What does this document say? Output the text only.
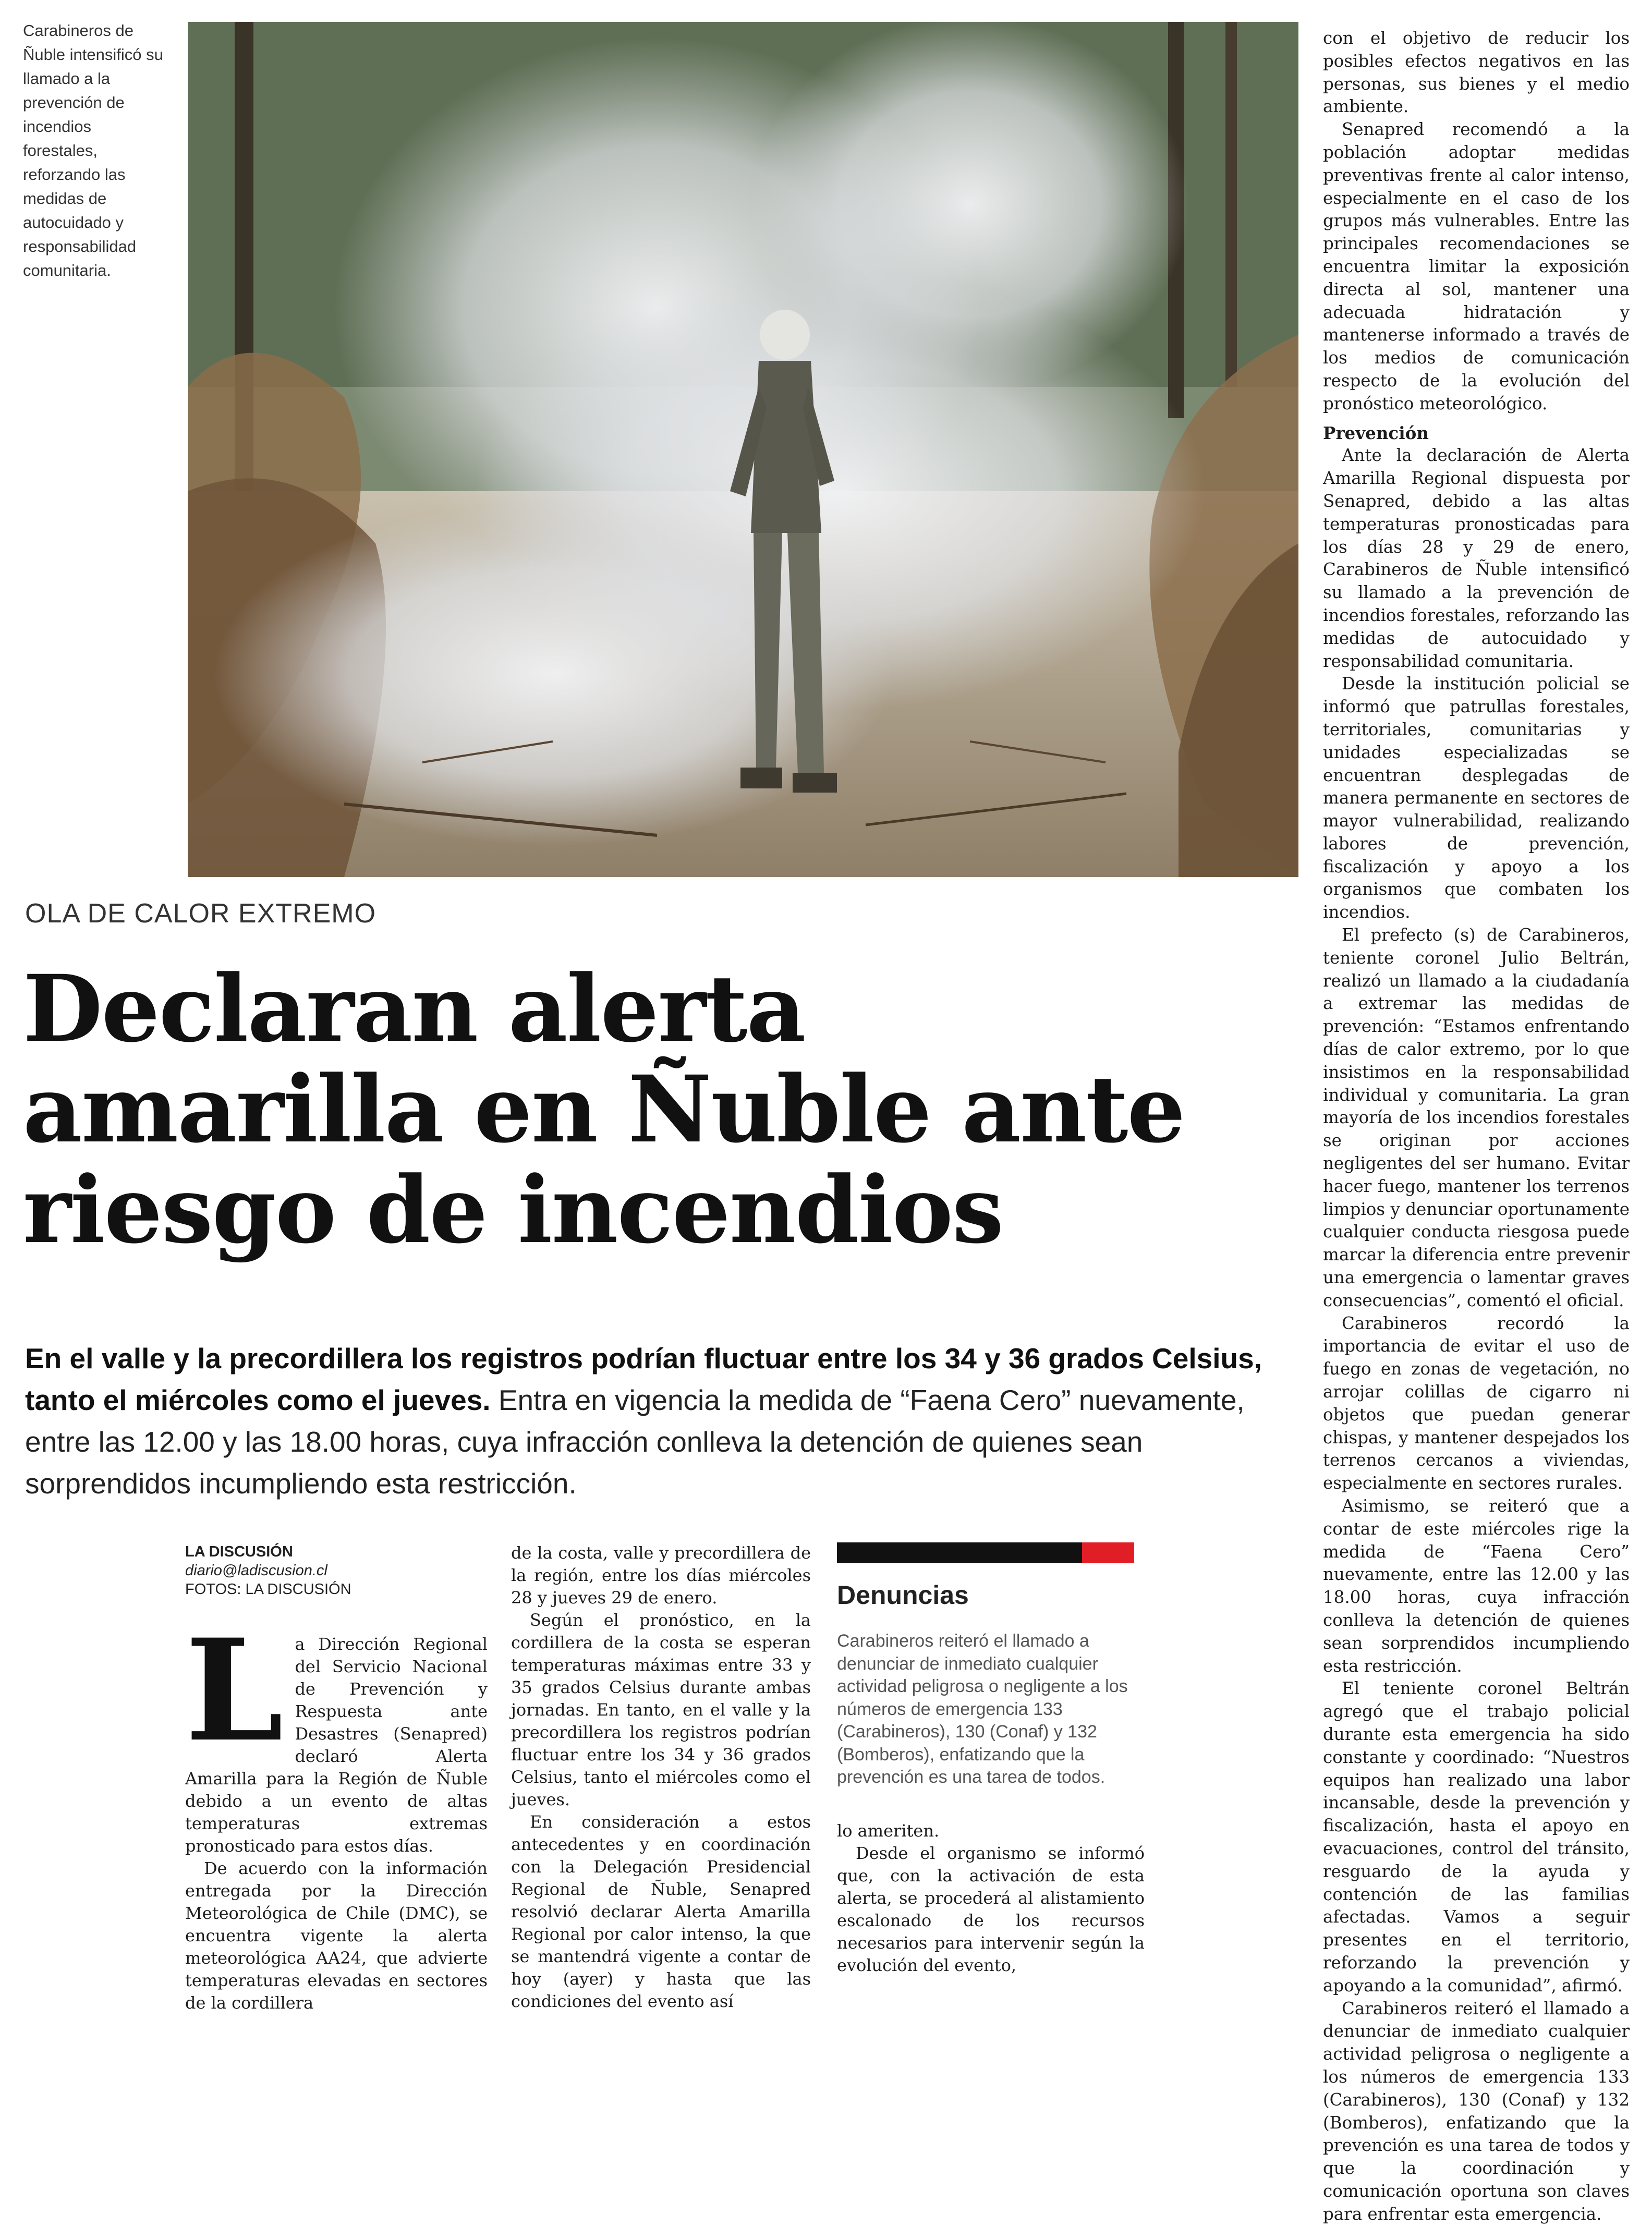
Carabineros de Ñuble intensificó su llamado a la prevención de incendios forestales, reforzando las medidas de autocuidado y responsabilidad comunitaria.

OLA DE CALOR EXTREMO

Declaran alerta
amarilla en Ñuble ante
riesgo de incendios

En el valle y la precordillera los registros podrían fluctuar entre los 34 y 36 grados Celsius, tanto el miércoles como el jueves. Entra en vigencia la medida de “Faena Cero” nuevamente, entre las 12.00 y las 18.00 horas, cuya infracción conlleva la detención de quienes sean sorprendidos incumpliendo esta restricción.

LA DISCUSIÓN
diario@ladiscusion.cl
FOTOS: LA DISCUSIÓN

La Dirección Regional del Servicio Nacional de Prevención y Respuesta ante Desastres (Senapred) declaró Alerta Amarilla para la Región de Ñuble debido a un evento de altas temperaturas extremas pronosticado para estos días.

De acuerdo con la información entregada por la Dirección Meteorológica de Chile (DMC), se encuentra vigente la alerta meteorológica AA24, que advierte temperaturas elevadas en sectores de la cordillera

de la costa, valle y precordillera de la región, entre los días miércoles 28 y jueves 29 de enero.

Según el pronóstico, en la cordillera de la costa se esperan temperaturas máximas entre 33 y 35 grados Celsius durante ambas jornadas. En tanto, en el valle y la precordillera los registros podrían fluctuar entre los 34 y 36 grados Celsius, tanto el miércoles como el jueves.

En consideración a estos antecedentes y en coordinación con la Delegación Presidencial Regional de Ñuble, Senapred resolvió declarar Alerta Amarilla Regional por calor intenso, la que se mantendrá vigente a contar de hoy (ayer) y hasta que las condiciones del evento así

Denuncias

Carabineros reiteró el llamado a denunciar de inmediato cualquier actividad peligrosa o negligente a los números de emergencia 133 (Carabineros), 130 (Conaf) y 132 (Bomberos), enfatizando que la prevención es una tarea de todos.

lo ameriten.

Desde el organismo se informó que, con la activación de esta alerta, se procederá al alistamiento escalonado de los recursos necesarios para intervenir según la evolución del evento,

con el objetivo de reducir los posibles efectos negativos en las personas, sus bienes y el medio ambiente.

Senapred recomendó a la población adoptar medidas preventivas frente al calor intenso, especialmente en el caso de los grupos más vulnerables. Entre las principales recomendaciones se encuentra limitar la exposición directa al sol, mantener una adecuada hidratación y mantenerse informado a través de los medios de comunicación respecto de la evolución del pronóstico meteorológico.

Prevención

Ante la declaración de Alerta Amarilla Regional dispuesta por Senapred, debido a las altas temperaturas pronosticadas para los días 28 y 29 de enero, Carabineros de Ñuble intensificó su llamado a la prevención de incendios forestales, reforzando las medidas de autocuidado y responsabilidad comunitaria.

Desde la institución policial se informó que patrullas forestales, territoriales, comunitarias y unidades especializadas se encuentran desplegadas de manera permanente en sectores de mayor vulnerabilidad, realizando labores de prevención, fiscalización y apoyo a los organismos que combaten los incendios.

El prefecto (s) de Carabineros, teniente coronel Julio Beltrán, realizó un llamado a la ciudadanía a extremar las medidas de prevención: “Estamos enfrentando días de calor extremo, por lo que insistimos en la responsabilidad individual y comunitaria. La gran mayoría de los incendios forestales se originan por acciones negligentes del ser humano. Evitar hacer fuego, mantener los terrenos limpios y denunciar oportunamente cualquier conducta riesgosa puede marcar la diferencia entre prevenir una emergencia o lamentar graves consecuencias”, comentó el oficial.

Carabineros recordó la importancia de evitar el uso de fuego en zonas de vegetación, no arrojar colillas de cigarro ni objetos que puedan generar chispas, y mantener despejados los terrenos cercanos a viviendas, especialmente en sectores rurales.

Asimismo, se reiteró que a contar de este miércoles rige la medida de “Faena Cero” nuevamente, entre las 12.00 y las 18.00 horas, cuya infracción conlleva la detención de quienes sean sorprendidos incumpliendo esta restricción.

El teniente coronel Beltrán agregó que el trabajo policial durante esta emergencia ha sido constante y coordinado: “Nuestros equipos han realizado una labor incansable, desde la prevención y fiscalización, hasta el apoyo en evacuaciones, control del tránsito, resguardo de la ayuda y contención de las familias afectadas. Vamos a seguir presentes en el territorio, reforzando la prevención y apoyando a la comunidad”, afirmó.

Carabineros reiteró el llamado a denunciar de inmediato cualquier actividad peligrosa o negligente a los números de emergencia 133 (Carabineros), 130 (Conaf) y 132 (Bomberos), enfatizando que la prevención es una tarea de todos y que la coordinación y comunicación oportuna son claves para enfrentar esta emergencia.
